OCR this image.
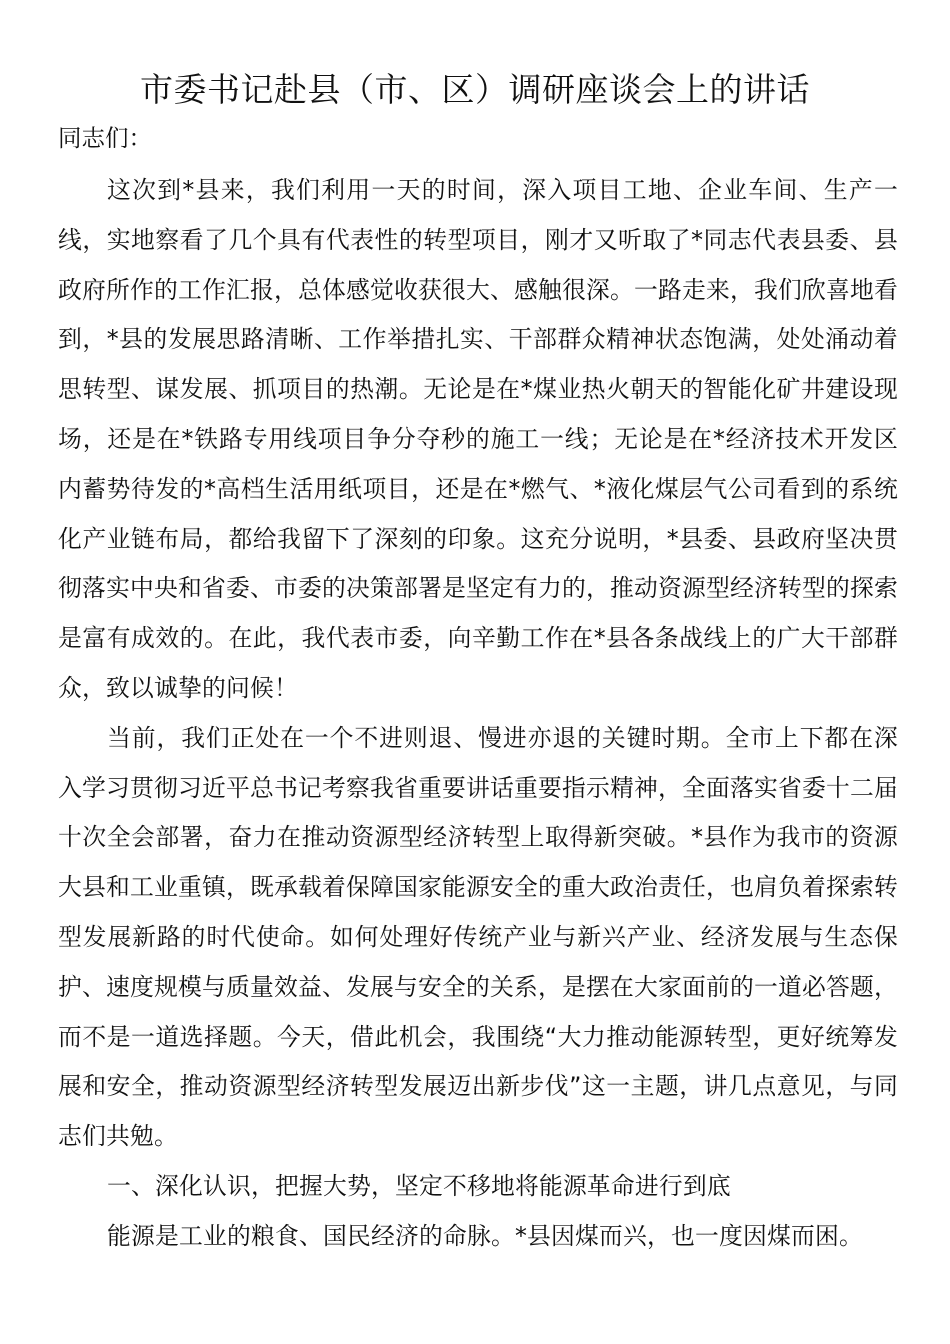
市委书记赴县（市、区）调研座谈会上的讲话

同志们：

这次到*县来，我们利用一天的时间，深入项目工地、企业车间、生产一线，实地察看了几个具有代表性的转型项目，刚才又听取了*同志代表县委、县政府所作的工作汇报，总体感觉收获很大、感触很深。一路走来，我们欣喜地看到，*县的发展思路清晰、工作举措扎实、干部群众精神状态饱满，处处涌动着思转型、谋发展、抓项目的热潮。无论是在*煤业热火朝天的智能化矿井建设现场，还是在*铁路专用线项目争分夺秒的施工一线；无论是在*经济技术开发区内蓄势待发的*高档生活用纸项目，还是在*燃气、*液化煤层气公司看到的系统化产业链布局，都给我留下了深刻的印象。这充分说明，*县委、县政府坚决贯彻落实中央和省委、市委的决策部署是坚定有力的，推动资源型经济转型的探索是富有成效的。在此，我代表市委，向辛勤工作在*县各条战线上的广大干部群众，致以诚挚的问候！

当前，我们正处在一个不进则退、慢进亦退的关键时期。全市上下都在深入学习贯彻习近平总书记考察我省重要讲话重要指示精神，全面落实省委十二届十次全会部署，奋力在推动资源型经济转型上取得新突破。*县作为我市的资源大县和工业重镇，既承载着保障国家能源安全的重大政治责任，也肩负着探索转型发展新路的时代使命。如何处理好传统产业与新兴产业、经济发展与生态保护、速度规模与质量效益、发展与安全的关系，是摆在大家面前的一道必答题，而不是一道选择题。今天，借此机会，我围绕“大力推动能源转型，更好统筹发展和安全，推动资源型经济转型发展迈出新步伐”这一主题，讲几点意见，与同志们共勉。

一、深化认识，把握大势，坚定不移地将能源革命进行到底

能源是工业的粮食、国民经济的命脉。*县因煤而兴，也一度因煤而困。
